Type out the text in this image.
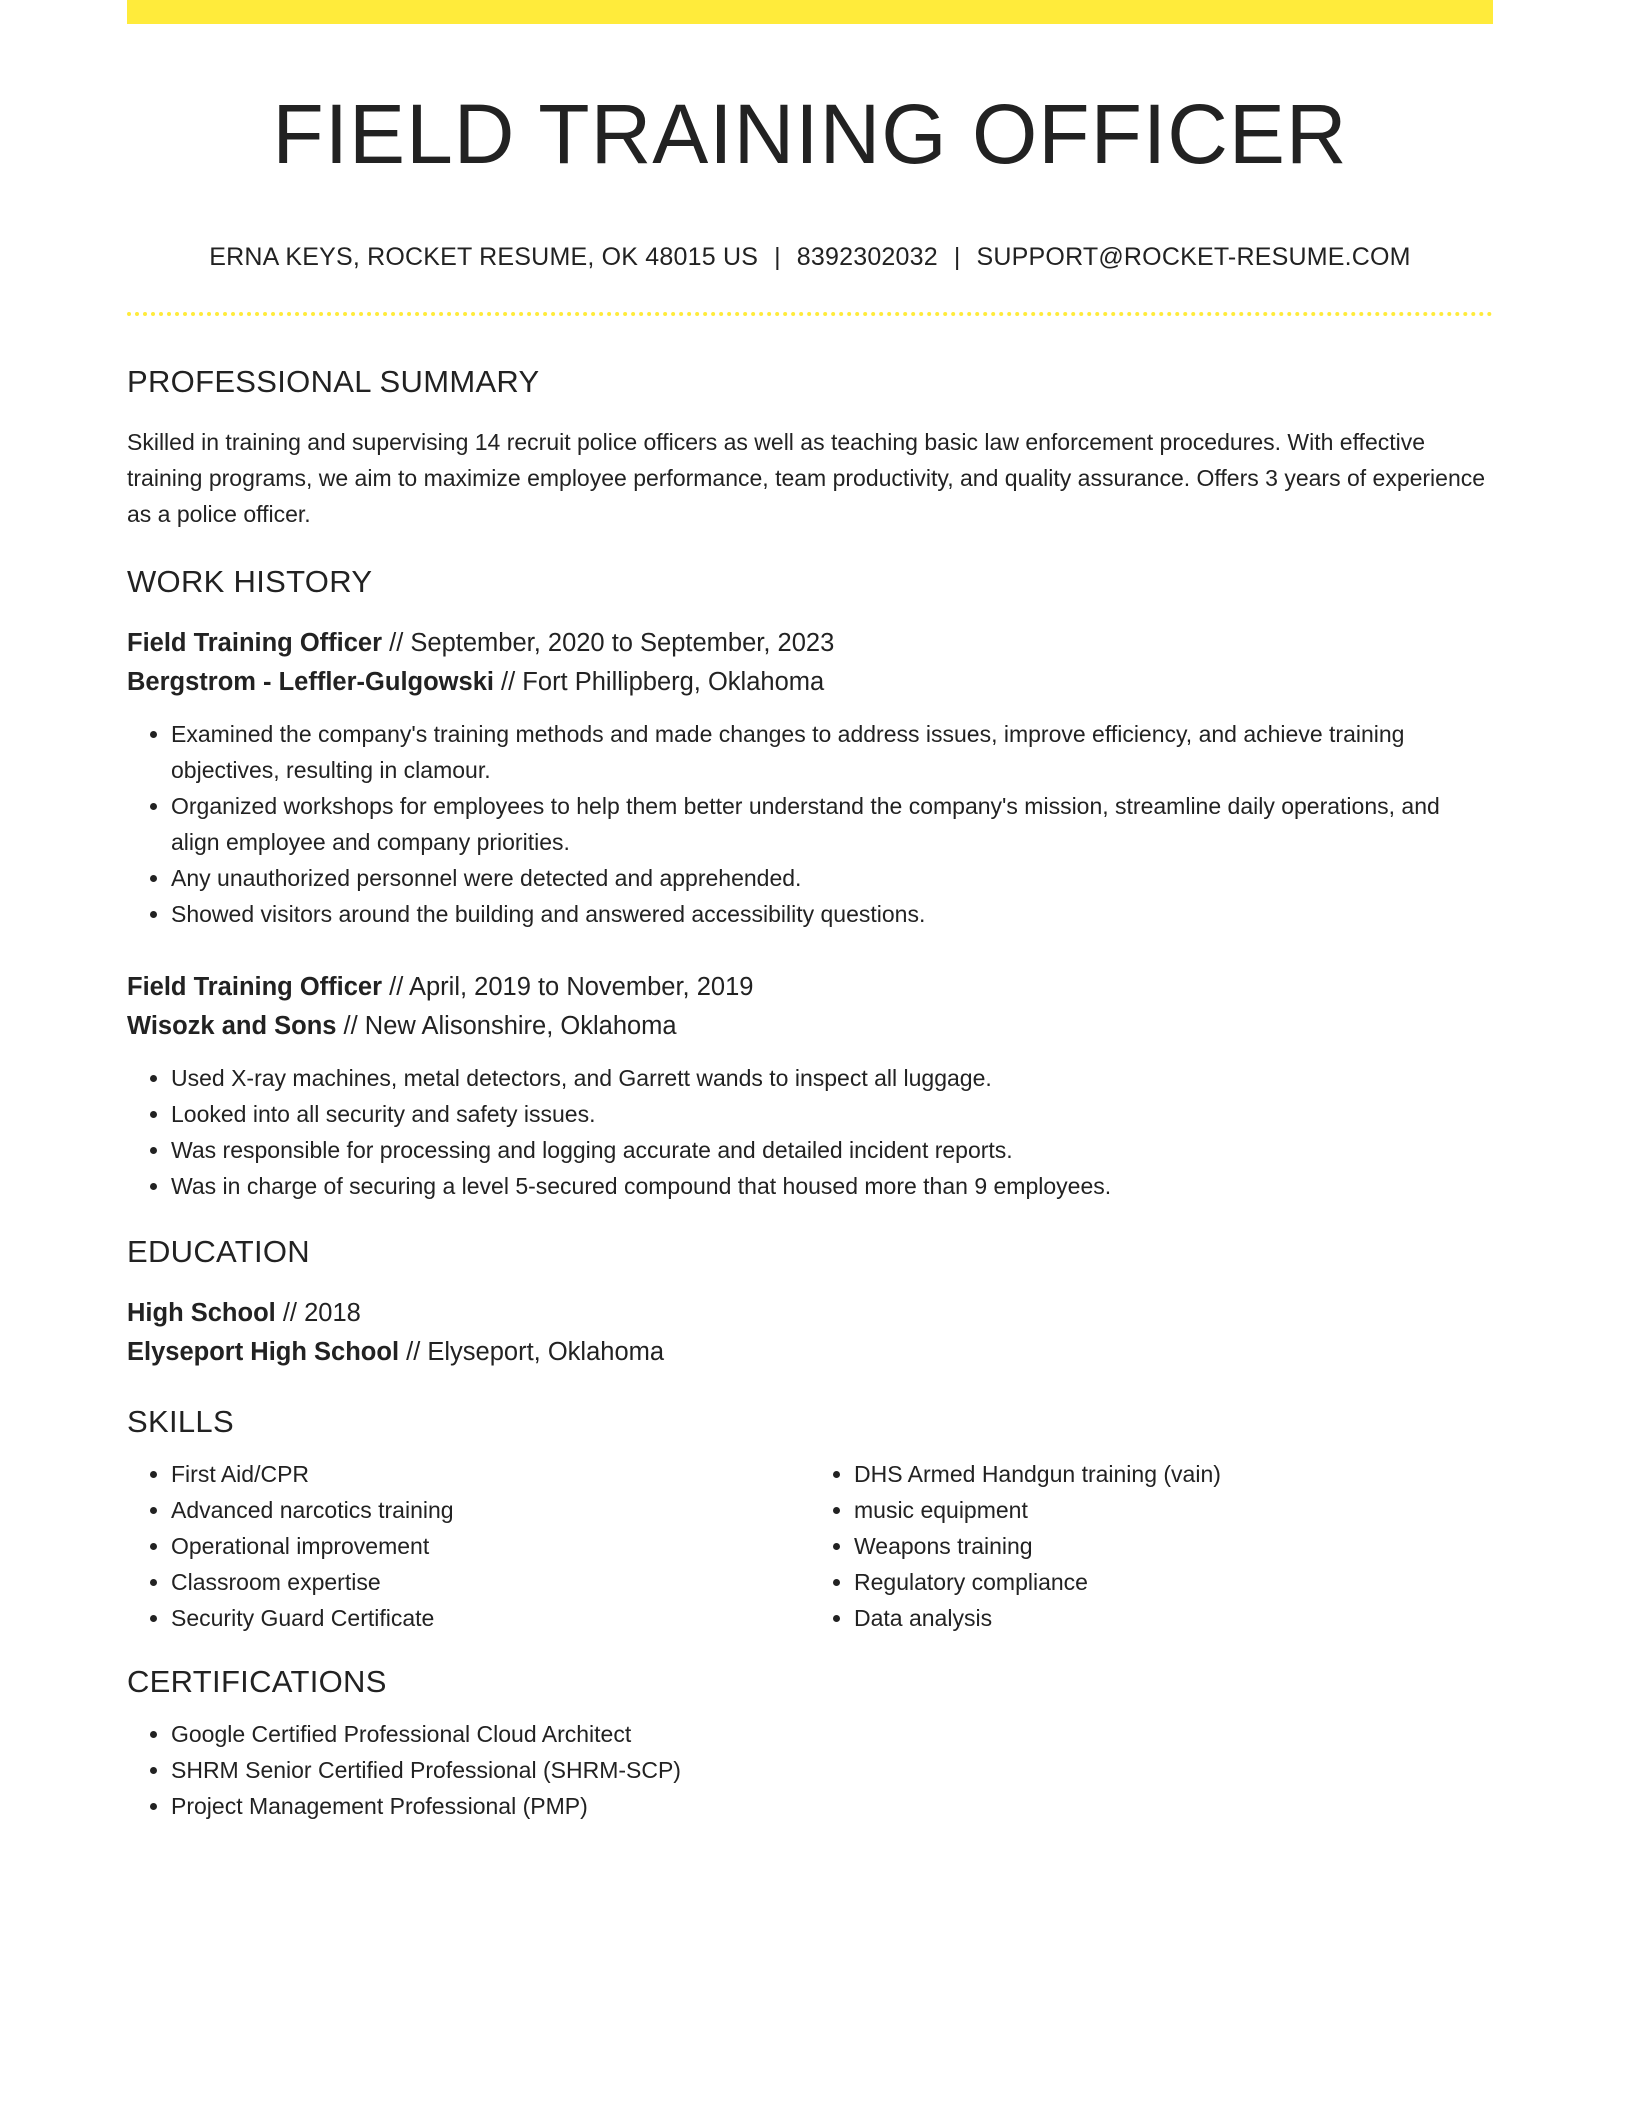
FIELD TRAINING OFFICER
ERNA KEYS, ROCKET RESUME, OK 48015 US | 8392302032 | SUPPORT@ROCKET-RESUME.COM
PROFESSIONAL SUMMARY
Skilled in training and supervising 14 recruit police officers as well as teaching basic law enforcement procedures. With effective training programs, we aim to maximize employee performance, team productivity, and quality assurance. Offers 3 years of experience as a police officer.
WORK HISTORY
Field Training Officer // September, 2020 to September, 2023
Bergstrom - Leffler-Gulgowski // Fort Phillipberg, Oklahoma
• Examined the company's training methods and made changes to address issues, improve efficiency, and achieve training objectives, resulting in clamour.
• Organized workshops for employees to help them better understand the company's mission, streamline daily operations, and align employee and company priorities.
• Any unauthorized personnel were detected and apprehended.
• Showed visitors around the building and answered accessibility questions.
Field Training Officer // April, 2019 to November, 2019
Wisozk and Sons // New Alisonshire, Oklahoma
• Used X-ray machines, metal detectors, and Garrett wands to inspect all luggage.
• Looked into all security and safety issues.
• Was responsible for processing and logging accurate and detailed incident reports.
• Was in charge of securing a level 5-secured compound that housed more than 9 employees.
EDUCATION
High School // 2018
Elyseport High School // Elyseport, Oklahoma
SKILLS
• First Aid/CPR
• Advanced narcotics training
• Operational improvement
• Classroom expertise
• Security Guard Certificate
• DHS Armed Handgun training (vain)
• music equipment
• Weapons training
• Regulatory compliance
• Data analysis
CERTIFICATIONS
• Google Certified Professional Cloud Architect
• SHRM Senior Certified Professional (SHRM-SCP)
• Project Management Professional (PMP)
